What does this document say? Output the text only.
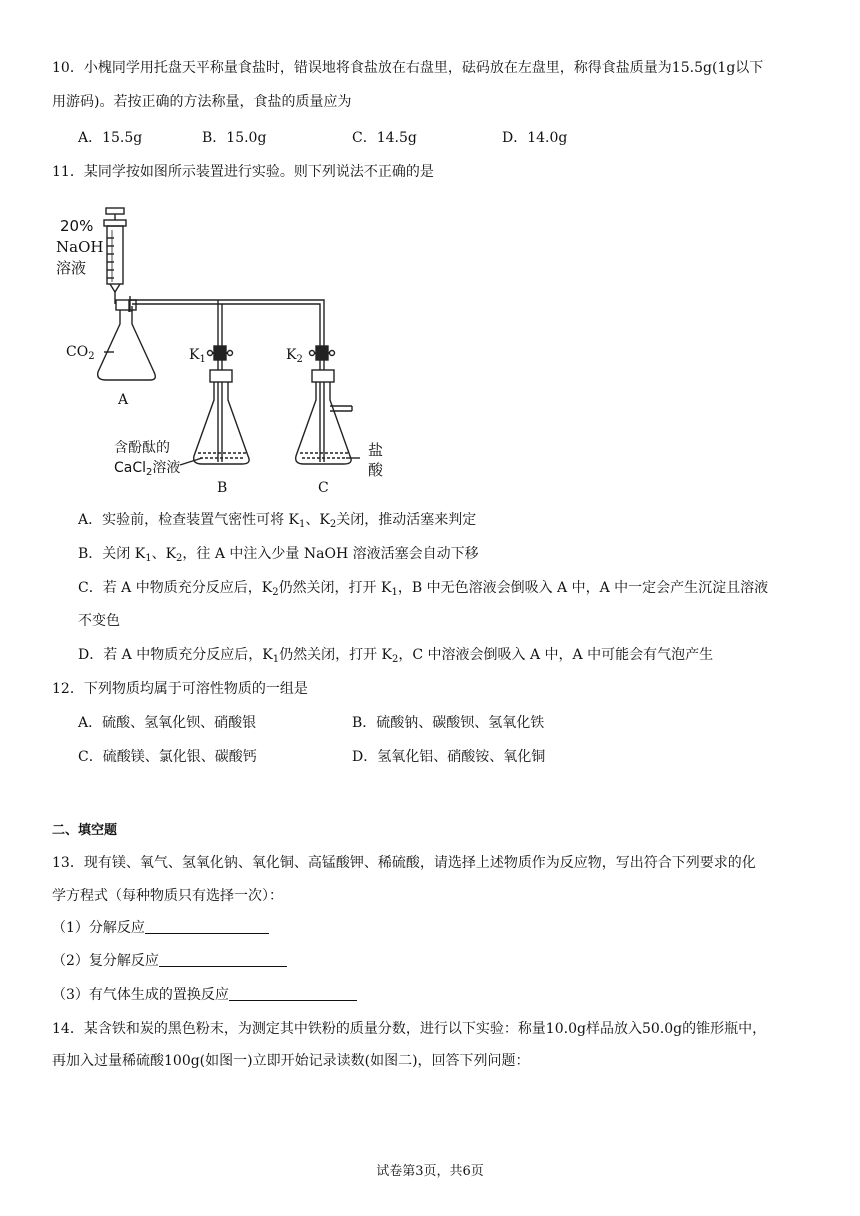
10．小槐同学用托盘天平称量食盐时，错误地将食盐放在右盘里，砝码放在左盘里，称得食盐质量为15.5g(1g以下
用游码)。若按正确的方法称量，食盐的质量应为
A．15.5g	B．15.0g	C．14.5g	D．14.0g
11．某同学按如图所示装置进行实验。则下列说法不正确的是
20%
NaOH
溶液
$CO_2$
A
$K_1$	$K_2$
含酚酞的
CaCl$_2$溶液
B	C
盐
酸
A．实验前，检查装置气密性可将 $K_1$、$K_2$关闭，推动活塞来判定
B．关闭 $K_1$、$K_2$，往 A 中注入少量 NaOH 溶液活塞会自动下移
C．若 A 中物质充分反应后，$K_2$仍然关闭，打开 $K_1$，B 中无色溶液会倒吸入 A 中，A 中一定会产生沉淀且溶液
不变色
D．若 A 中物质充分反应后，$K_1$仍然关闭，打开 $K_2$，C 中溶液会倒吸入 A 中，A 中可能会有气泡产生
12．下列物质均属于可溶性物质的一组是
A．硫酸、氢氧化钡、硝酸银	B．硫酸钠、碳酸钡、氢氧化铁
C．硫酸镁、氯化银、碳酸钙	D．氢氧化铝、硝酸铵、氧化铜
二、填空题
13．现有镁、氧气、氢氧化钠、氧化铜、高锰酸钾、稀硫酸，请选择上述物质作为反应物，写出符合下列要求的化
学方程式（每种物质只有选择一次）：
（1）分解反应
（2）复分解反应
（3）有气体生成的置换反应
14．某含铁和炭的黑色粉末，为测定其中铁粉的质量分数，进行以下实验：称量10.0g样品放入50.0g的锥形瓶中，
再加入过量稀硫酸100g(如图一)立即开始记录读数(如图二)，回答下列问题：
试卷第3页，共6页
